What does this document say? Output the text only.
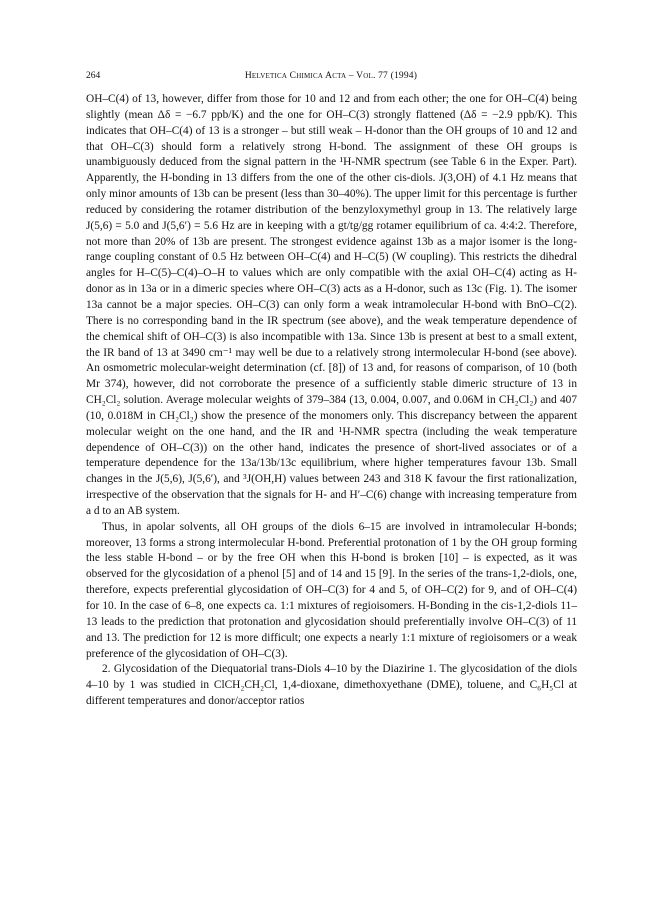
264	Helvetica Chimica Acta – Vol. 77 (1994)

OH–C(4) of 13, however, differ from those for 10 and 12 and from each other; the one for OH–C(4) being slightly (mean Δδ = −6.7 ppb/K) and the one for OH–C(3) strongly flattened (Δδ = −2.9 ppb/K). This indicates that OH–C(4) of 13 is a stronger – but still weak – H-donor than the OH groups of 10 and 12 and that OH–C(3) should form a relatively strong H-bond. The assignment of these OH groups is unambiguously deduced from the signal pattern in the ¹H-NMR spectrum (see Table 6 in the Exper. Part). Apparently, the H-bonding in 13 differs from the one of the other cis-diols. J(3,OH) of 4.1 Hz means that only minor amounts of 13b can be present (less than 30–40%). The upper limit for this percentage is further reduced by considering the rotamer distribution of the benzyloxymethyl group in 13. The relatively large J(5,6) = 5.0 and J(5,6′) = 5.6 Hz are in keeping with a gt/tg/gg rotamer equilibrium of ca. 4:4:2. Therefore, not more than 20% of 13b are present. The strongest evidence against 13b as a major isomer is the long-range coupling constant of 0.5 Hz between OH–C(4) and H–C(5) (W coupling). This restricts the dihedral angles for H–C(5)–C(4)–O–H to values which are only compatible with the axial OH–C(4) acting as H-donor as in 13a or in a dimeric species where OH–C(3) acts as a H-donor, such as 13c (Fig. 1). The isomer 13a cannot be a major species. OH–C(3) can only form a weak intramolecular H-bond with BnO–C(2). There is no corresponding band in the IR spectrum (see above), and the weak temperature dependence of the chemical shift of OH–C(3) is also incompatible with 13a. Since 13b is present at best to a small extent, the IR band of 13 at 3490 cm⁻¹ may well be due to a relatively strong intermolecular H-bond (see above). An osmometric molecular-weight determination (cf. [8]) of 13 and, for reasons of comparison, of 10 (both Mr 374), however, did not corroborate the presence of a sufficiently stable dimeric structure of 13 in CH₂Cl₂ solution. Average molecular weights of 379–384 (13, 0.004, 0.007, and 0.06M in CH₂Cl₂) and 407 (10, 0.018M in CH₂Cl₂) show the presence of the monomers only. This discrepancy between the apparent molecular weight on the one hand, and the IR and ¹H-NMR spectra (including the weak temperature dependence of OH–C(3)) on the other hand, indicates the presence of short-lived associates or of a temperature dependence for the 13a/13b/13c equilibrium, where higher temperatures favour 13b. Small changes in the J(5,6), J(5,6′), and ³J(OH,H) values between 243 and 318 K favour the first rationalization, irrespective of the observation that the signals for H- and H′–C(6) change with increasing temperature from a d to an AB system.

Thus, in apolar solvents, all OH groups of the diols 6–15 are involved in intramolecular H-bonds; moreover, 13 forms a strong intermolecular H-bond. Preferential protonation of 1 by the OH group forming the less stable H-bond – or by the free OH when this H-bond is broken [10] – is expected, as it was observed for the glycosidation of a phenol [5] and of 14 and 15 [9]. In the series of the trans-1,2-diols, one, therefore, expects preferential glycosidation of OH–C(3) for 4 and 5, of OH–C(2) for 9, and of OH–C(4) for 10. In the case of 6–8, one expects ca. 1:1 mixtures of regioisomers. H-Bonding in the cis-1,2-diols 11–13 leads to the prediction that protonation and glycosidation should preferentially involve OH–C(3) of 11 and 13. The prediction for 12 is more difficult; one expects a nearly 1:1 mixture of regioisomers or a weak preference of the glycosidation of OH–C(3).

2. Glycosidation of the Diequatorial trans-Diols 4–10 by the Diazirine 1. The glycosidation of the diols 4–10 by 1 was studied in ClCH₂CH₂Cl, 1,4-dioxane, dimethoxyethane (DME), toluene, and C₆H₅Cl at different temperatures and donor/acceptor ratios
